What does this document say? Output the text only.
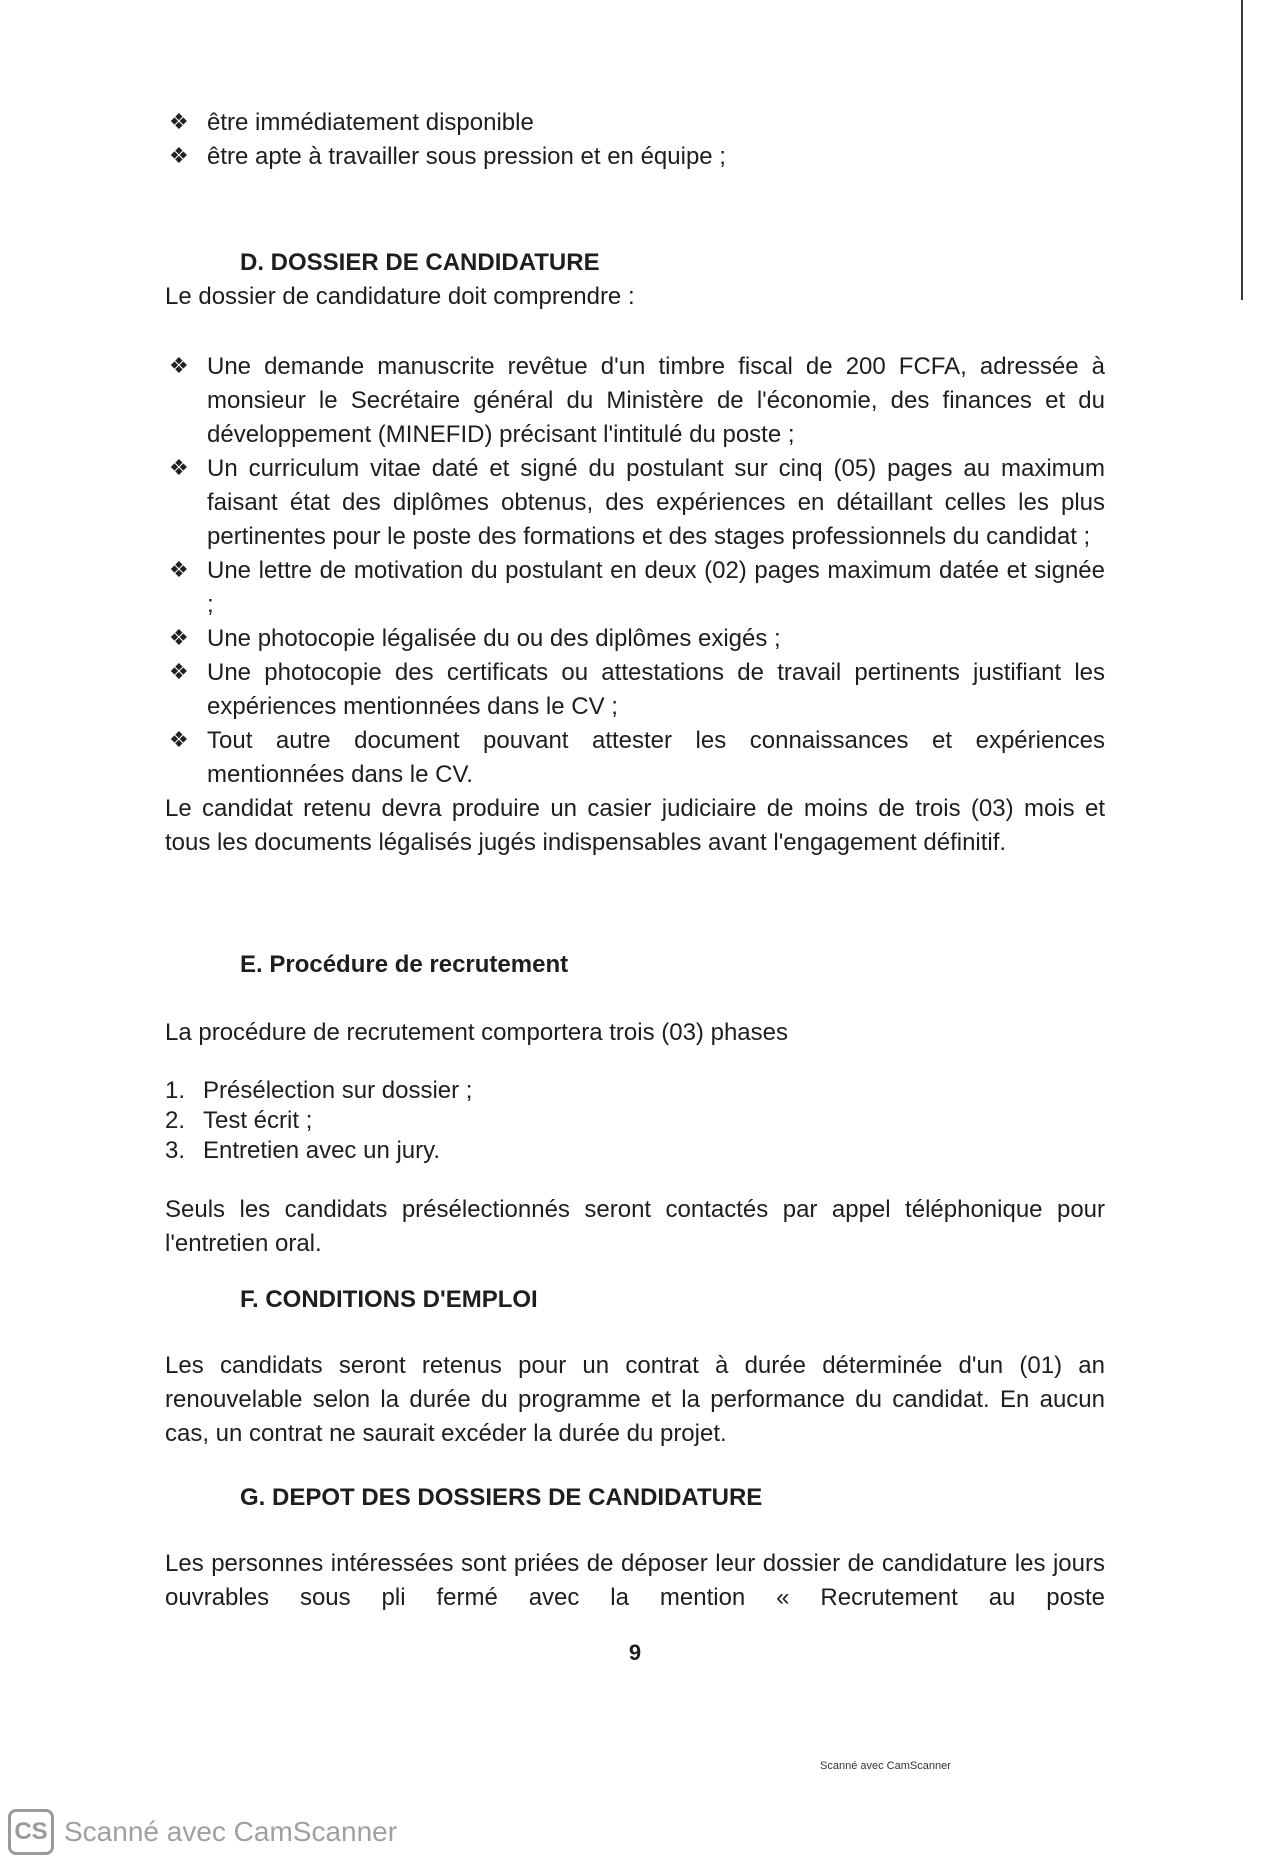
❖ être immédiatement disponible
❖ être apte à travailler sous pression et en équipe ;
D. DOSSIER DE CANDIDATURE
Le dossier de candidature doit comprendre :
❖ Une demande manuscrite revêtue d'un timbre fiscal de 200 FCFA, adressée à monsieur le Secrétaire général du Ministère de l'économie, des finances et du développement (MINEFID) précisant l'intitulé du poste ;
❖ Un curriculum vitae daté et signé du postulant sur cinq (05) pages au maximum faisant état des diplômes obtenus, des expériences en détaillant celles les plus pertinentes pour le poste des formations et des stages professionnels du candidat ;
❖ Une lettre de motivation du postulant en deux (02) pages maximum datée et signée ;
❖ Une photocopie légalisée du ou des diplômes exigés ;
❖ Une photocopie des certificats ou attestations de travail pertinents justifiant les expériences mentionnées dans le CV ;
❖ Tout autre document pouvant attester les connaissances et expériences mentionnées dans le CV.
Le candidat retenu devra produire un casier judiciaire de moins de trois (03) mois et tous les documents légalisés jugés indispensables avant l'engagement définitif.
E. Procédure de recrutement
La procédure de recrutement comportera trois (03) phases
1. Présélection sur dossier ;
2. Test écrit ;
3. Entretien avec un jury.
Seuls les candidats présélectionnés seront contactés par appel téléphonique pour l'entretien oral.
F. CONDITIONS D'EMPLOI
Les candidats seront retenus pour un contrat à durée déterminée d'un (01) an renouvelable selon la durée du programme et la performance du candidat. En aucun cas, un contrat ne saurait excéder la durée du projet.
G. DEPOT DES DOSSIERS DE CANDIDATURE
Les personnes intéressées sont priées de déposer leur dossier de candidature les jours ouvrables sous pli fermé avec la mention « Recrutement au poste
9
Scanné avec CamScanner
CS Scanné avec CamScanner
